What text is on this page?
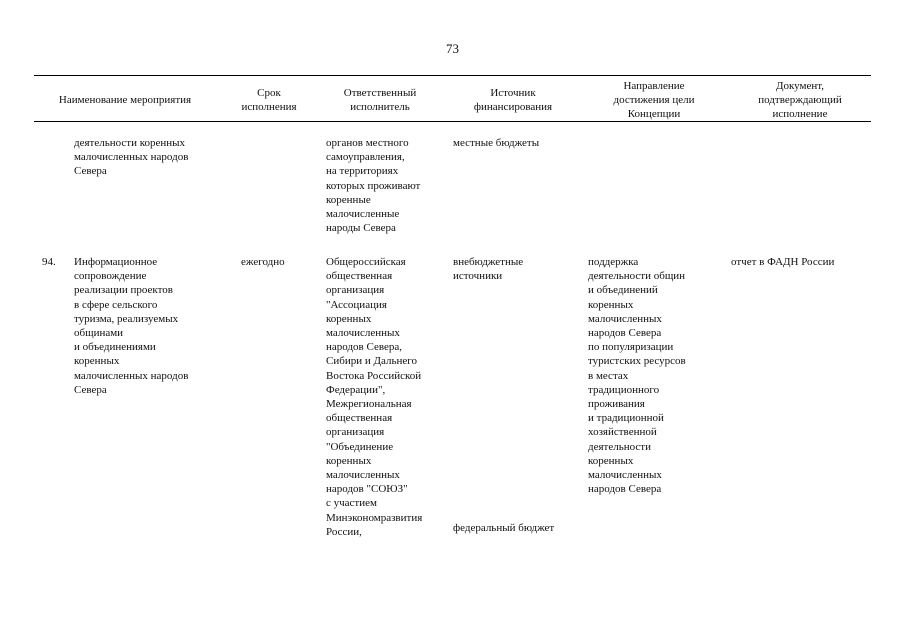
73
Наименование мероприятия
Срок
исполнения
Ответственный
исполнитель
Источник
финансирования
Направление
достижения цели
Концепции
Документ,
подтверждающий
исполнение
деятельности коренных
малочисленных народов
Севера
органов местного
самоуправления,
на территориях
которых проживают
коренные
малочисленные
народы Севера
местные бюджеты
94.	Информационное
сопровождение
реализации проектов
в сфере сельского
туризма, реализуемых
общинами
и объединениями
коренных
малочисленных народов
Севера
ежегодно	Общероссийская
общественная
организация
"Ассоциация
коренных
малочисленных
народов Севера,
Сибири и Дальнего
Востока Российской
Федерации",
Межрегиональная
общественная
организация
"Объединение
коренных
малочисленных
народов "СОЮЗ"
с участием
Минэкономразвития
России,
внебюджетные
источники
федеральный бюджет
поддержка
деятельности общин
и объединений
коренных
малочисленных
народов Севера
по популяризации
туристских ресурсов
в местах
традиционного
проживания
и традиционной
хозяйственной
деятельности
коренных
малочисленных
народов Севера
отчет в ФАДН России
